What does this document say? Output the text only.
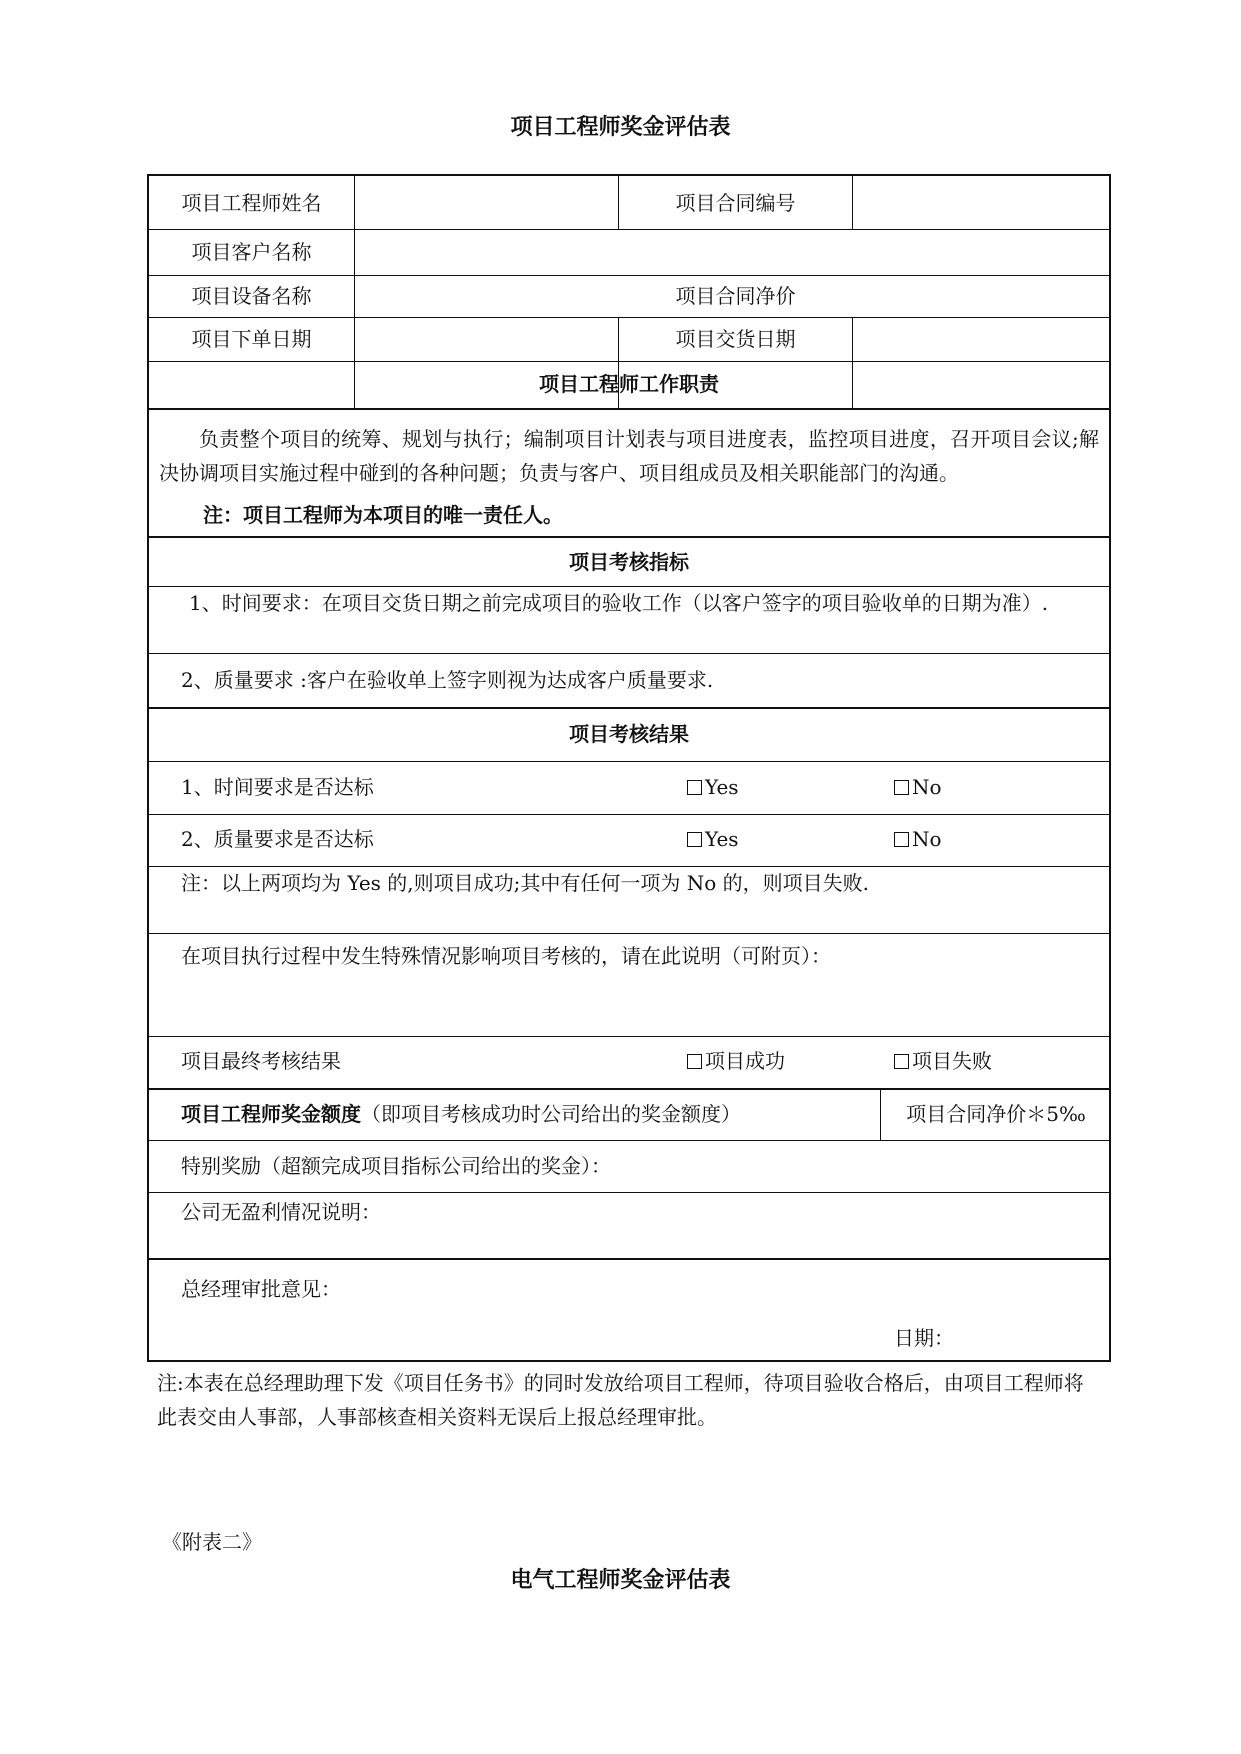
项目工程师奖金评估表
项目工程师姓名	项目合同编号
项目客户名称
项目设备名称	项目合同净价
项目下单日期	项目交货日期
项目工程师工作职责
负责整个项目的统筹、规划与执行；编制项目计划表与项目进度表，监控项目进度，召开项目会议;解决协调项目实施过程中碰到的各种问题；负责与客户、项目组成员及相关职能部门的沟通。
注：项目工程师为本项目的唯一责任人。
项目考核指标
1、时间要求：在项目交货日期之前完成项目的验收工作（以客户签字的项目验收单的日期为准）.
2、质量要求 :客户在验收单上签字则视为达成客户质量要求.
项目考核结果
1、时间要求是否达标	Yes	No
2、质量要求是否达标	Yes	No
注：以上两项均为 Yes 的,则项目成功;其中有任何一项为 No 的，则项目失败.
在项目执行过程中发生特殊情况影响项目考核的，请在此说明（可附页）：
项目最终考核结果	项目成功	项目失败
项目工程师奖金额度（即项目考核成功时公司给出的奖金额度）	项目合同净价＊5‰
特别奖励（超额完成项目指标公司给出的奖金）：
公司无盈利情况说明：
总经理审批意见：
日期：
注:本表在总经理助理下发《项目任务书》的同时发放给项目工程师，待项目验收合格后，由项目工程师将此表交由人事部，人事部核查相关资料无误后上报总经理审批。
《附表二》
电气工程师奖金评估表
